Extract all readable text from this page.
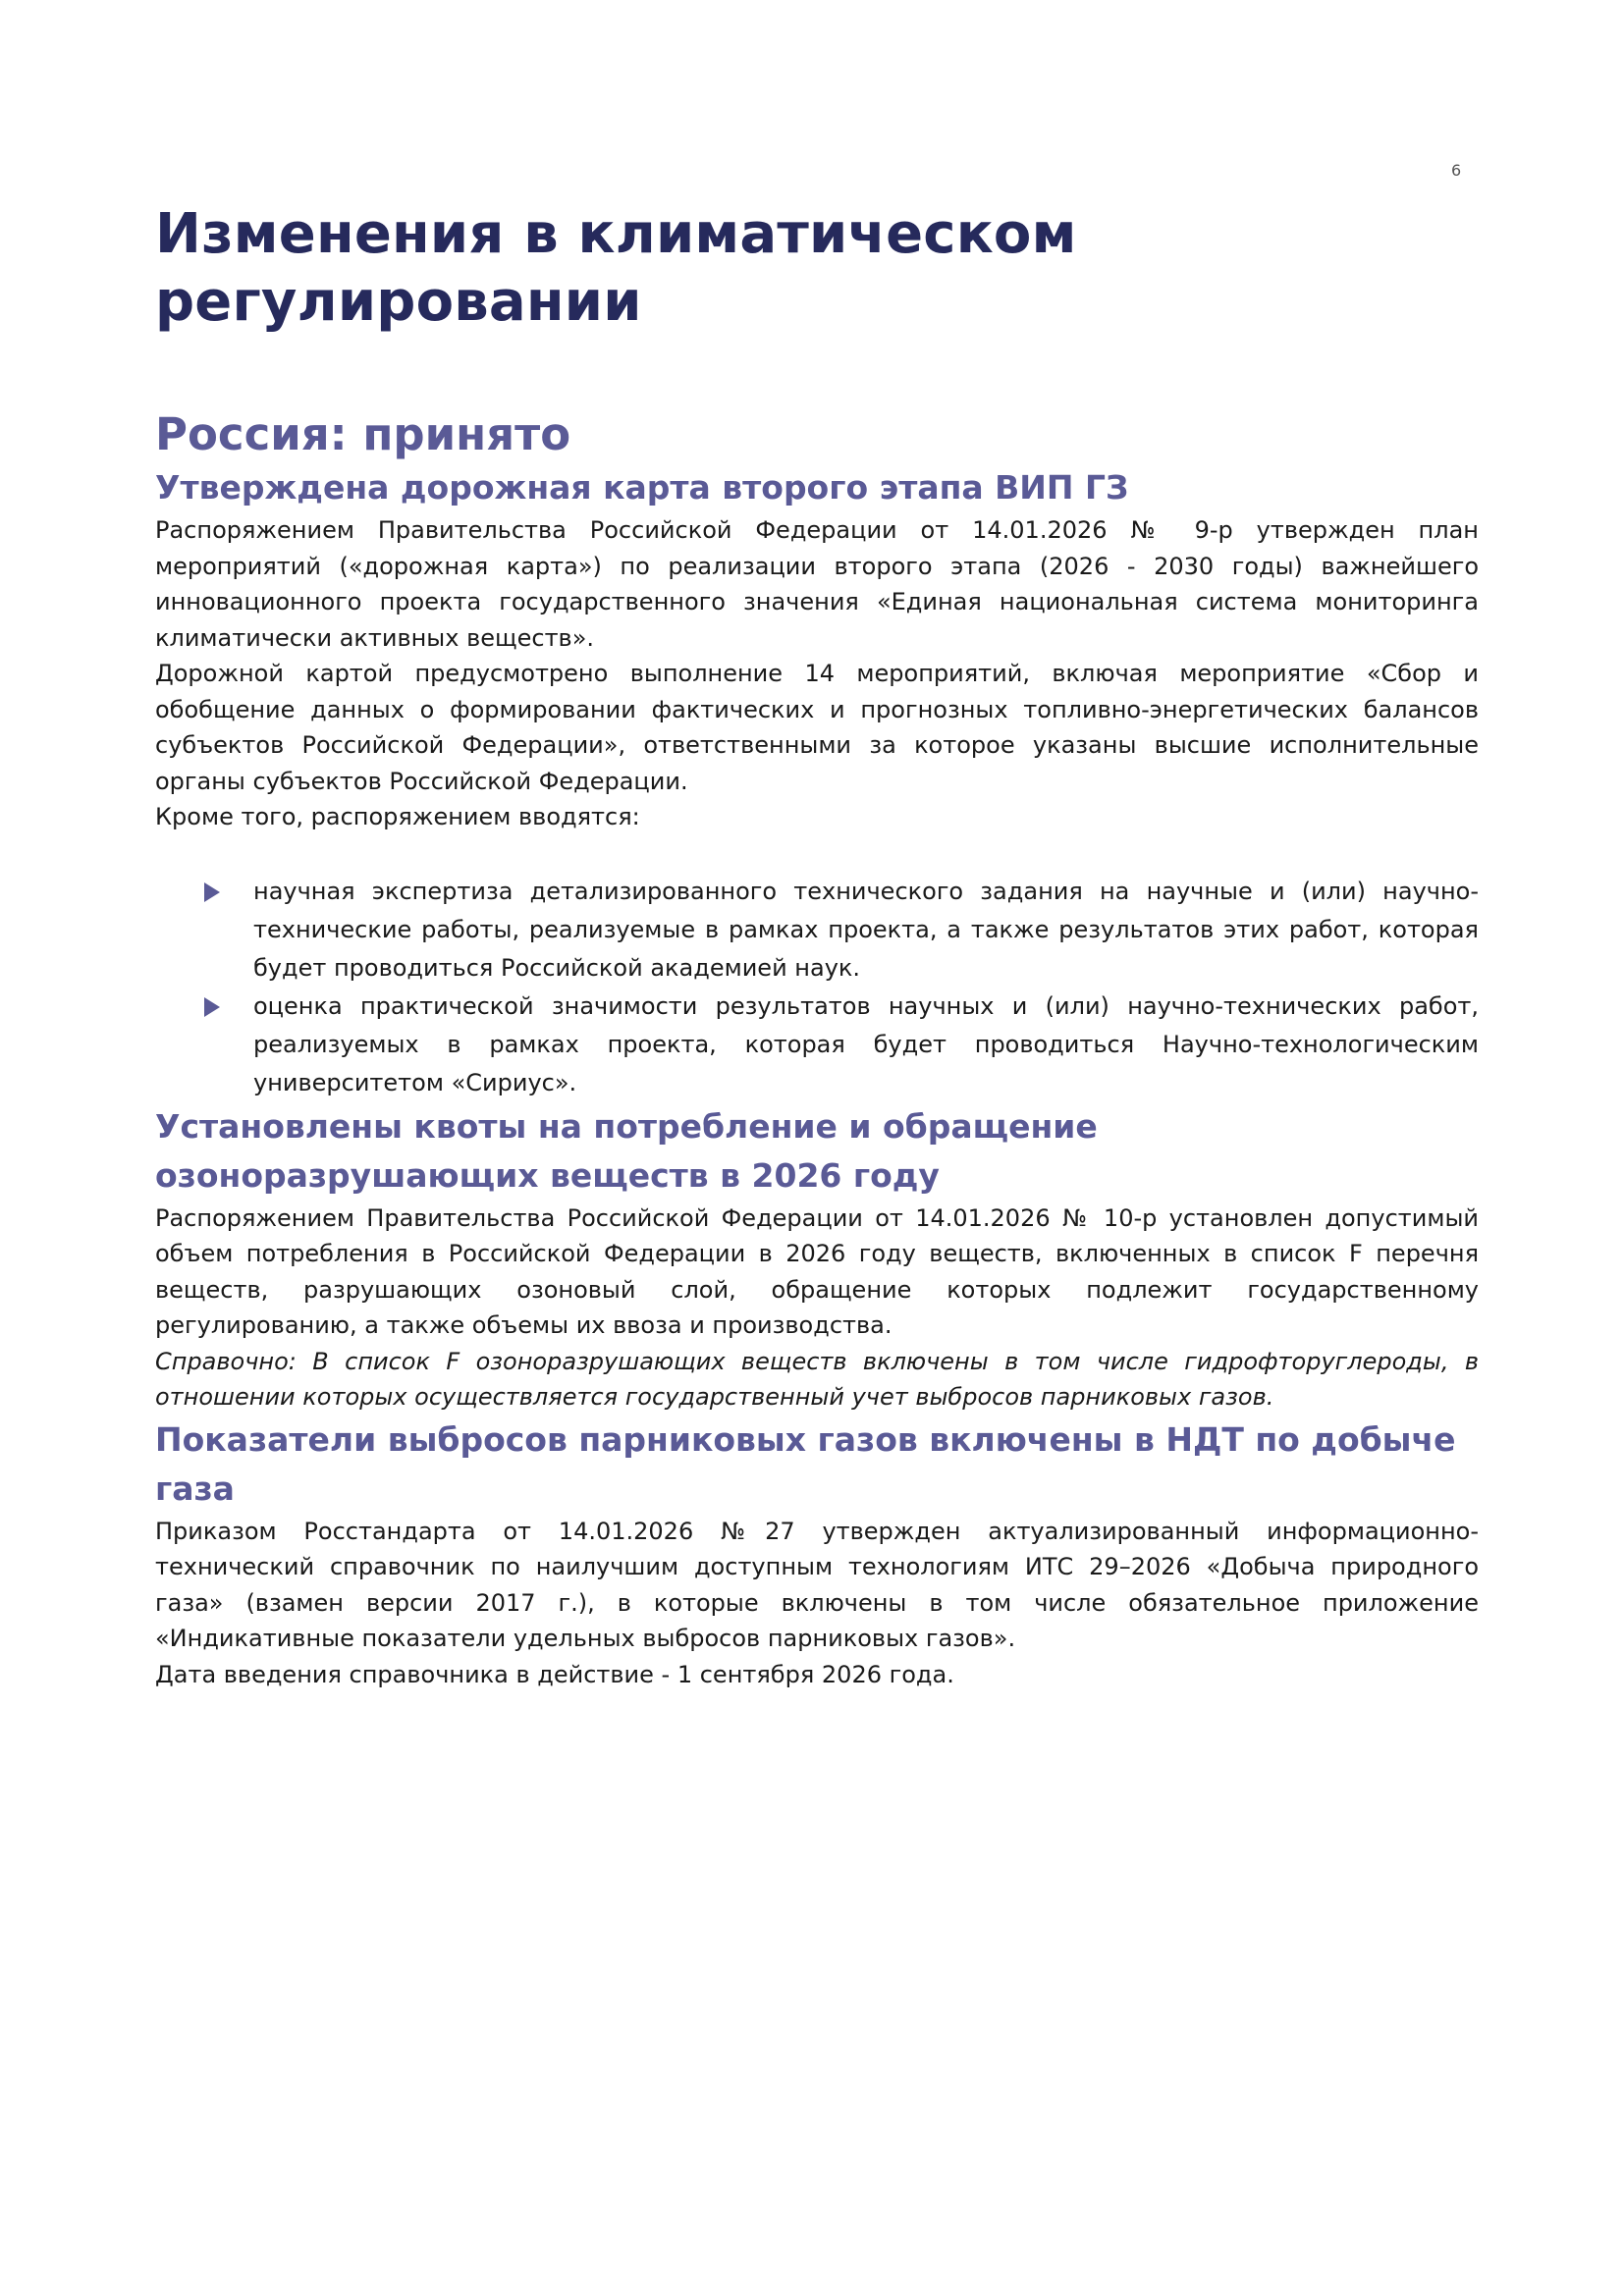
6
Изменения в климатическом регулировании
Россия: принято
Утверждена дорожная карта второго этапа ВИП ГЗ

Распоряжением Правительства Российской Федерации от 14.01.2026 № 9-р утвержден план мероприятий («дорожная карта») по реализации второго этапа (2026 - 2030 годы) важнейшего инновационного проекта государственного значения «Единая национальная система мониторинга климатически активных веществ».

Дорожной картой предусмотрено выполнение 14 мероприятий, включая мероприятие «Сбор и обобщение данных о формировании фактических и прогнозных топливно-энергетических балансов субъектов Российской Федерации», ответственными за которое указаны высшие исполнительные органы субъектов Российской Федерации.

Кроме того, распоряжением вводятся:

научная экспертиза детализированного технического задания на научные и (или) научно-технические работы, реализуемые в рамках проекта, а также результатов этих работ, которая будет проводиться Российской академией наук.
оценка практической значимости результатов научных и (или) научно-технических работ, реализуемых в рамках проекта, которая будет проводиться Научно-технологическим университетом «Сириус».
Установлены квоты на потребление и обращение озоноразрушающих веществ в 2026 году

Распоряжением Правительства Российской Федерации от 14.01.2026 № 10-р установлен допустимый объем потребления в Российской Федерации в 2026 году веществ, включенных в список F перечня веществ, разрушающих озоновый слой, обращение которых подлежит государственному регулированию, а также объемы их ввоза и производства.

Справочно: В список F озоноразрушающих веществ включены в том числе гидрофторуглероды, в отношении которых осуществляется государственный учет выбросов парниковых газов.

Показатели выбросов парниковых газов включены в НДТ по добыче газа

Приказом Росстандарта от 14.01.2026 №27 утвержден актуализированный информационно-технический справочник по наилучшим доступным технологиям ИТС 29–2026 «Добыча природного газа» (взамен версии 2017 г.), в которые включены в том числе обязательное приложение «Индикативные показатели удельных выбросов парниковых газов».

Дата введения справочника в действие - 1 сентября 2026 года.
